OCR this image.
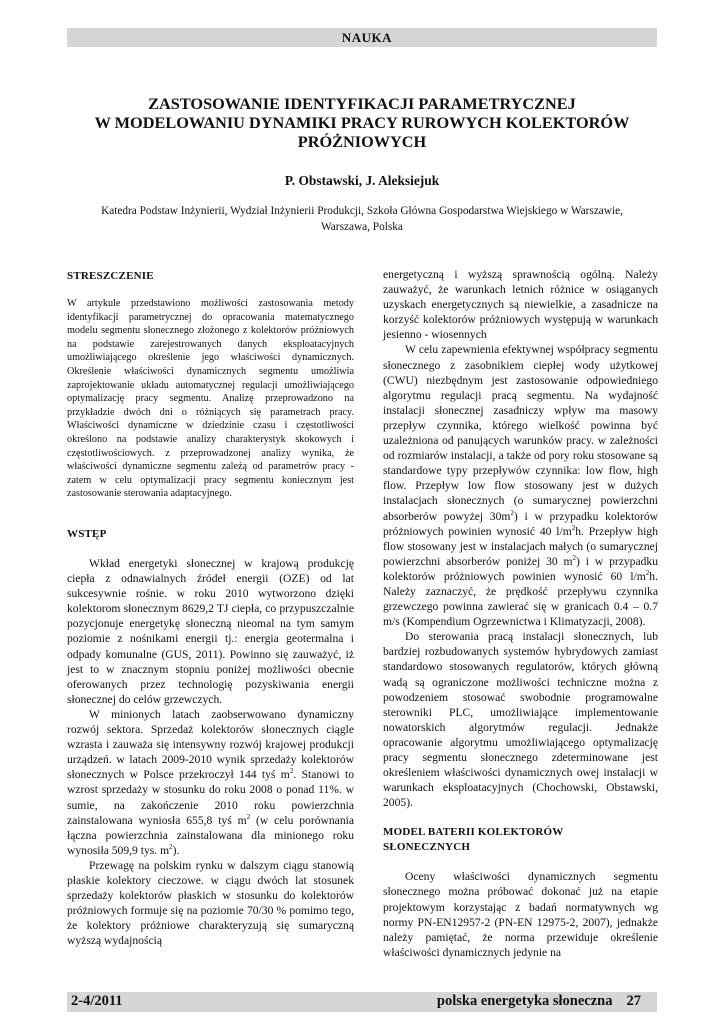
NAUKA
ZASTOSOWANIE IDENTYFIKACJI PARAMETRYCZNEJ
W MODELOWANIU DYNAMIKI PRACY RUROWYCH KOLEKTORÓW
PRÓŻNIOWYCH
P. Obstawski, J. Aleksiejuk
Katedra Podstaw Inżynierii, Wydział Inżynierii Produkcji, Szkoła Główna Gospodarstwa Wiejskiego w Warszawie,
Warszawa, Polska
STRESZCZENIE

W artykule przedstawiono możliwości zastosowania metody identyfikacji parametrycznej do opracowania matematycznego modelu segmentu słonecznego złożonego z kolektorów próżniowych na podstawie zarejestrowanych danych eksploatacyjnych umożliwiającego określenie jego właściwości dynamicznych. Określenie właściwości dynamicznych segmentu umożliwia zaprojektowanie układu automatycznej regulacji umożliwiającego optymalizację pracy segmentu. Analizę przeprowadzono na przykładzie dwóch dni o różniących się parametrach pracy. Właściwości dynamiczne w dziedzinie czasu i częstotliwości określono na podstawie analizy charakterystyk skokowych i częstotliwościowych. z przeprowadzonej analizy wynika, że właściwości dynamiczne segmentu zależą od parametrów pracy - zatem w celu optymalizacji pracy segmentu koniecznym jest zastosowanie sterowania adaptacyjnego.

WSTĘP

Wkład energetyki słonecznej w krajową produkcję ciepła z odnawialnych źródeł energii (OZE) od lat sukcesywnie rośnie. w roku 2010 wytworzono dzięki kolektorom słonecznym 8629,2 TJ ciepła, co przypuszczalnie pozycjonuje energetykę słoneczną nieomal na tym samym poziomie z nośnikami energii tj.: energia geotermalna i odpady komunalne (GUS, 2011). Powinno się zauważyć, iż jest to w znacznym stopniu poniżej możliwości obecnie oferowanych przez technologię pozyskiwania energii słonecznej do celów grzewczych.

W minionych latach zaobserwowano dynamiczny rozwój sektora. Sprzedaż kolektorów słonecznych ciągle wzrasta i zauważa się intensywny rozwój krajowej produkcji urządzeń. w latach 2009-2010 wynik sprzedaży kolektorów słonecznych w Polsce przekroczył 144 tyś $m^2$. Stanowi to wzrost sprzedaży w stosunku do roku 2008 o ponad 11%. w sumie, na zakończenie 2010 roku powierzchnia zainstalowana wyniosła 655,8 tyś $m^2$ (w celu porównania łączna powierzchnia zainstalowana dla minionego roku wynosiła 509,9 tys. $m^2$).

Przewagę na polskim rynku w dalszym ciągu stanowią płaskie kolektory cieczowe. w ciągu dwóch lat stosunek sprzedaży kolektorów płaskich w stosunku do kolektorów próżniowych formuje się na poziomie 70/30 % pomimo tego, że kolektory próżniowe charakteryzują się sumaryczną wyższą wydajnością

energetyczną i wyższą sprawnością ogólną. Należy zauważyć, że warunkach letnich różnice w osiąganych uzyskach energetycznych są niewielkie, a zasadnicze na korzyść kolektorów próżniowych występują w warunkach jesienno - wiosennych

W celu zapewnienia efektywnej współpracy segmentu słonecznego z zasobnikiem ciepłej wody użytkowej (CWU) niezbędnym jest zastosowanie odpowiedniego algorytmu regulacji pracą segmentu. Na wydajność instalacji słonecznej zasadniczy wpływ ma masowy przepływ czynnika, którego wielkość powinna być uzależniona od panujących warunków pracy. w zależności od rozmiarów instalacji, a także od pory roku stosowane są standardowe typy przepływów czynnika: low flow, high flow. Przepływ low flow stosowany jest w dużych instalacjach słonecznych (o sumarycznej powierzchni absorberów powyżej $30m^2$) i w przypadku kolektorów próżniowych powinien wynosić 40 $l/m^2h$. Przepływ high flow stosowany jest w instalacjach małych (o sumarycznej powierzchni absorberów poniżej 30 $m^2$) i w przypadku kolektorów próżniowych powinien wynosić 60 $l/m^2h$. Należy zaznaczyć, że prędkość przepływu czynnika grzewczego powinna zawierać się w granicach 0.4 – 0.7 m/s (Kompendium Ogrzewnictwa i Klimatyzacji, 2008).

Do sterowania pracą instalacji słonecznych, lub bardziej rozbudowanych systemów hybrydowych zamiast standardowo stosowanych regulatorów, których główną wadą są ograniczone możliwości techniczne można z powodzeniem stosować swobodnie programowalne sterowniki PLC, umożliwiające implementowanie nowatorskich algorytmów regulacji. Jednakże opracowanie algorytmu umożliwiającego optymalizację pracy segmentu słonecznego zdeterminowane jest określeniem właściwości dynamicznych owej instalacji w warunkach eksploatacyjnych (Chochowski, Obstawski, 2005).

MODEL BATERII KOLEKTORÓW
SŁONECZNYCH

Oceny właściwości dynamicznych segmentu słonecznego można próbować dokonać już na etapie projektowym korzystając z badań normatywnych wg normy PN-EN12957-2 (PN-EN 12975-2, 2007), jednakże należy pamiętać, że norma przewiduje określenie właściwości dynamicznych jedynie na

2-4/2011	polska energetyka słoneczna 27
